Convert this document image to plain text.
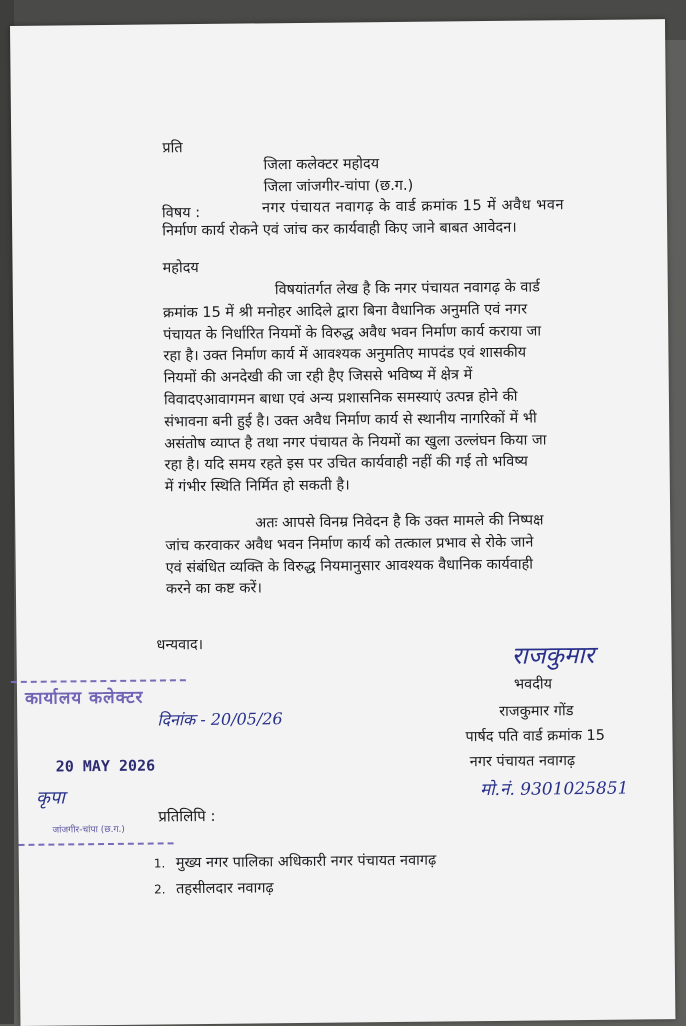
प्रति
जिला कलेक्टर महोदय
जिला जांजगीर-चांपा (छ.ग.)
विषय :	नगर पंचायत नवागढ़ के वार्ड क्रमांक 15 में अवैध भवन
निर्माण कार्य रोकने एवं जांच कर कार्यवाही किए जाने बाबत आवेदन।
महोदय
विषयांतर्गत लेख है कि नगर पंचायत नवागढ़ के वार्ड
क्रमांक 15 में श्री मनोहर आदिले द्वारा बिना वैधानिक अनुमति एवं नगर
पंचायत के निर्धारित नियमों के विरुद्ध अवैध भवन निर्माण कार्य कराया जा
रहा है। उक्त निर्माण कार्य में आवश्यक अनुमतिए मापदंड एवं शासकीय
नियमों की अनदेखी की जा रही हैए जिससे भविष्य में क्षेत्र में
विवादएआवागमन बाधा एवं अन्य प्रशासनिक समस्याएं उत्पन्न होने की
संभावना बनी हुई है। उक्त अवैध निर्माण कार्य से स्थानीय नागरिकों में भी
असंतोष व्याप्त है तथा नगर पंचायत के नियमों का खुला उल्लंघन किया जा
रहा है। यदि समय रहते इस पर उचित कार्यवाही नहीं की गई तो भविष्य
में गंभीर स्थिति निर्मित हो सकती है।
अतः आपसे विनम्र निवेदन है कि उक्त मामले की निष्पक्ष
जांच करवाकर अवैध भवन निर्माण कार्य को तत्काल प्रभाव से रोके जाने
एवं संबंधित व्यक्ति के विरुद्ध नियमानुसार आवश्यक वैधानिक कार्यवाही
करने का कष्ट करें।
धन्यवाद।	राजकुमार
भवदीय
राजकुमार गोंड
पार्षद पति वार्ड क्रमांक 15
नगर पंचायत नवागढ़
मो.नं. 9301025851
कार्यालय कलेक्टर
20 MAY 2026
कृपा
जांजगीर-चांपा (छ.ग.)
दिनांक - 20/05/26
प्रतिलिपि :
1. मुख्य नगर पालिका अधिकारी नगर पंचायत नवागढ़
2. तहसीलदार नवागढ़
